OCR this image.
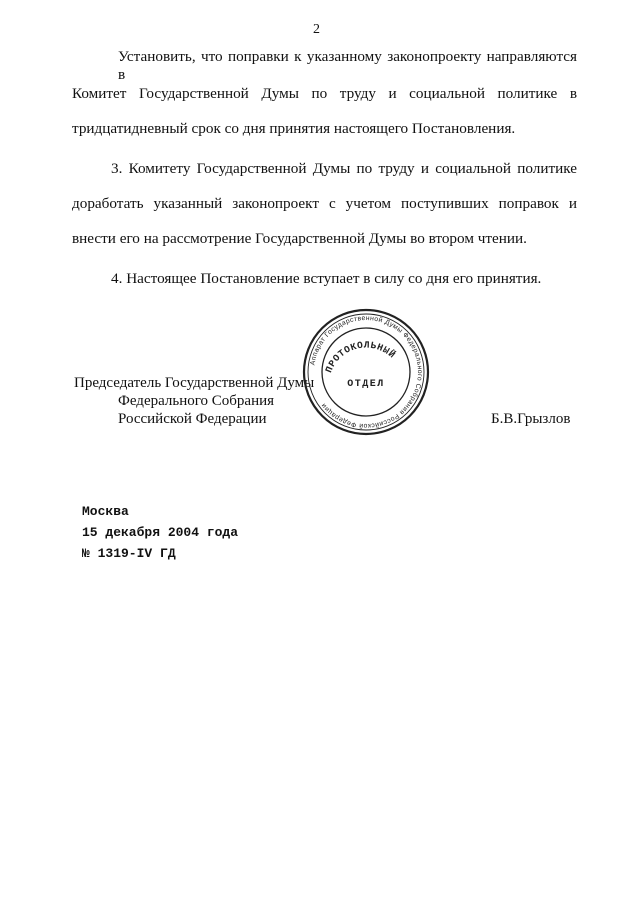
2
Установить, что поправки к указанному законопроекту направляются в
Комитет Государственной Думы по труду и социальной политике в
тридцатидневный срок со дня принятия настоящего Постановления.
3. Комитету Государственной Думы по труду и социальной политике
доработать указанный законопроект с учетом поступивших поправок и
внести его на рассмотрение Государственной Думы во втором чтении.
4. Настоящее Постановление вступает в силу со дня его принятия.
Председатель Государственной Думы
Федерального Собрания
Российской Федерации	Б.В.Грызлов
Аппарат Государственной Думы Федерального Собрания Российской Федерации
ПРОТОКОЛЬНЫЙ
ОТДЕЛ
Москва
15 декабря 2004 года
№ 1319-IV ГД
